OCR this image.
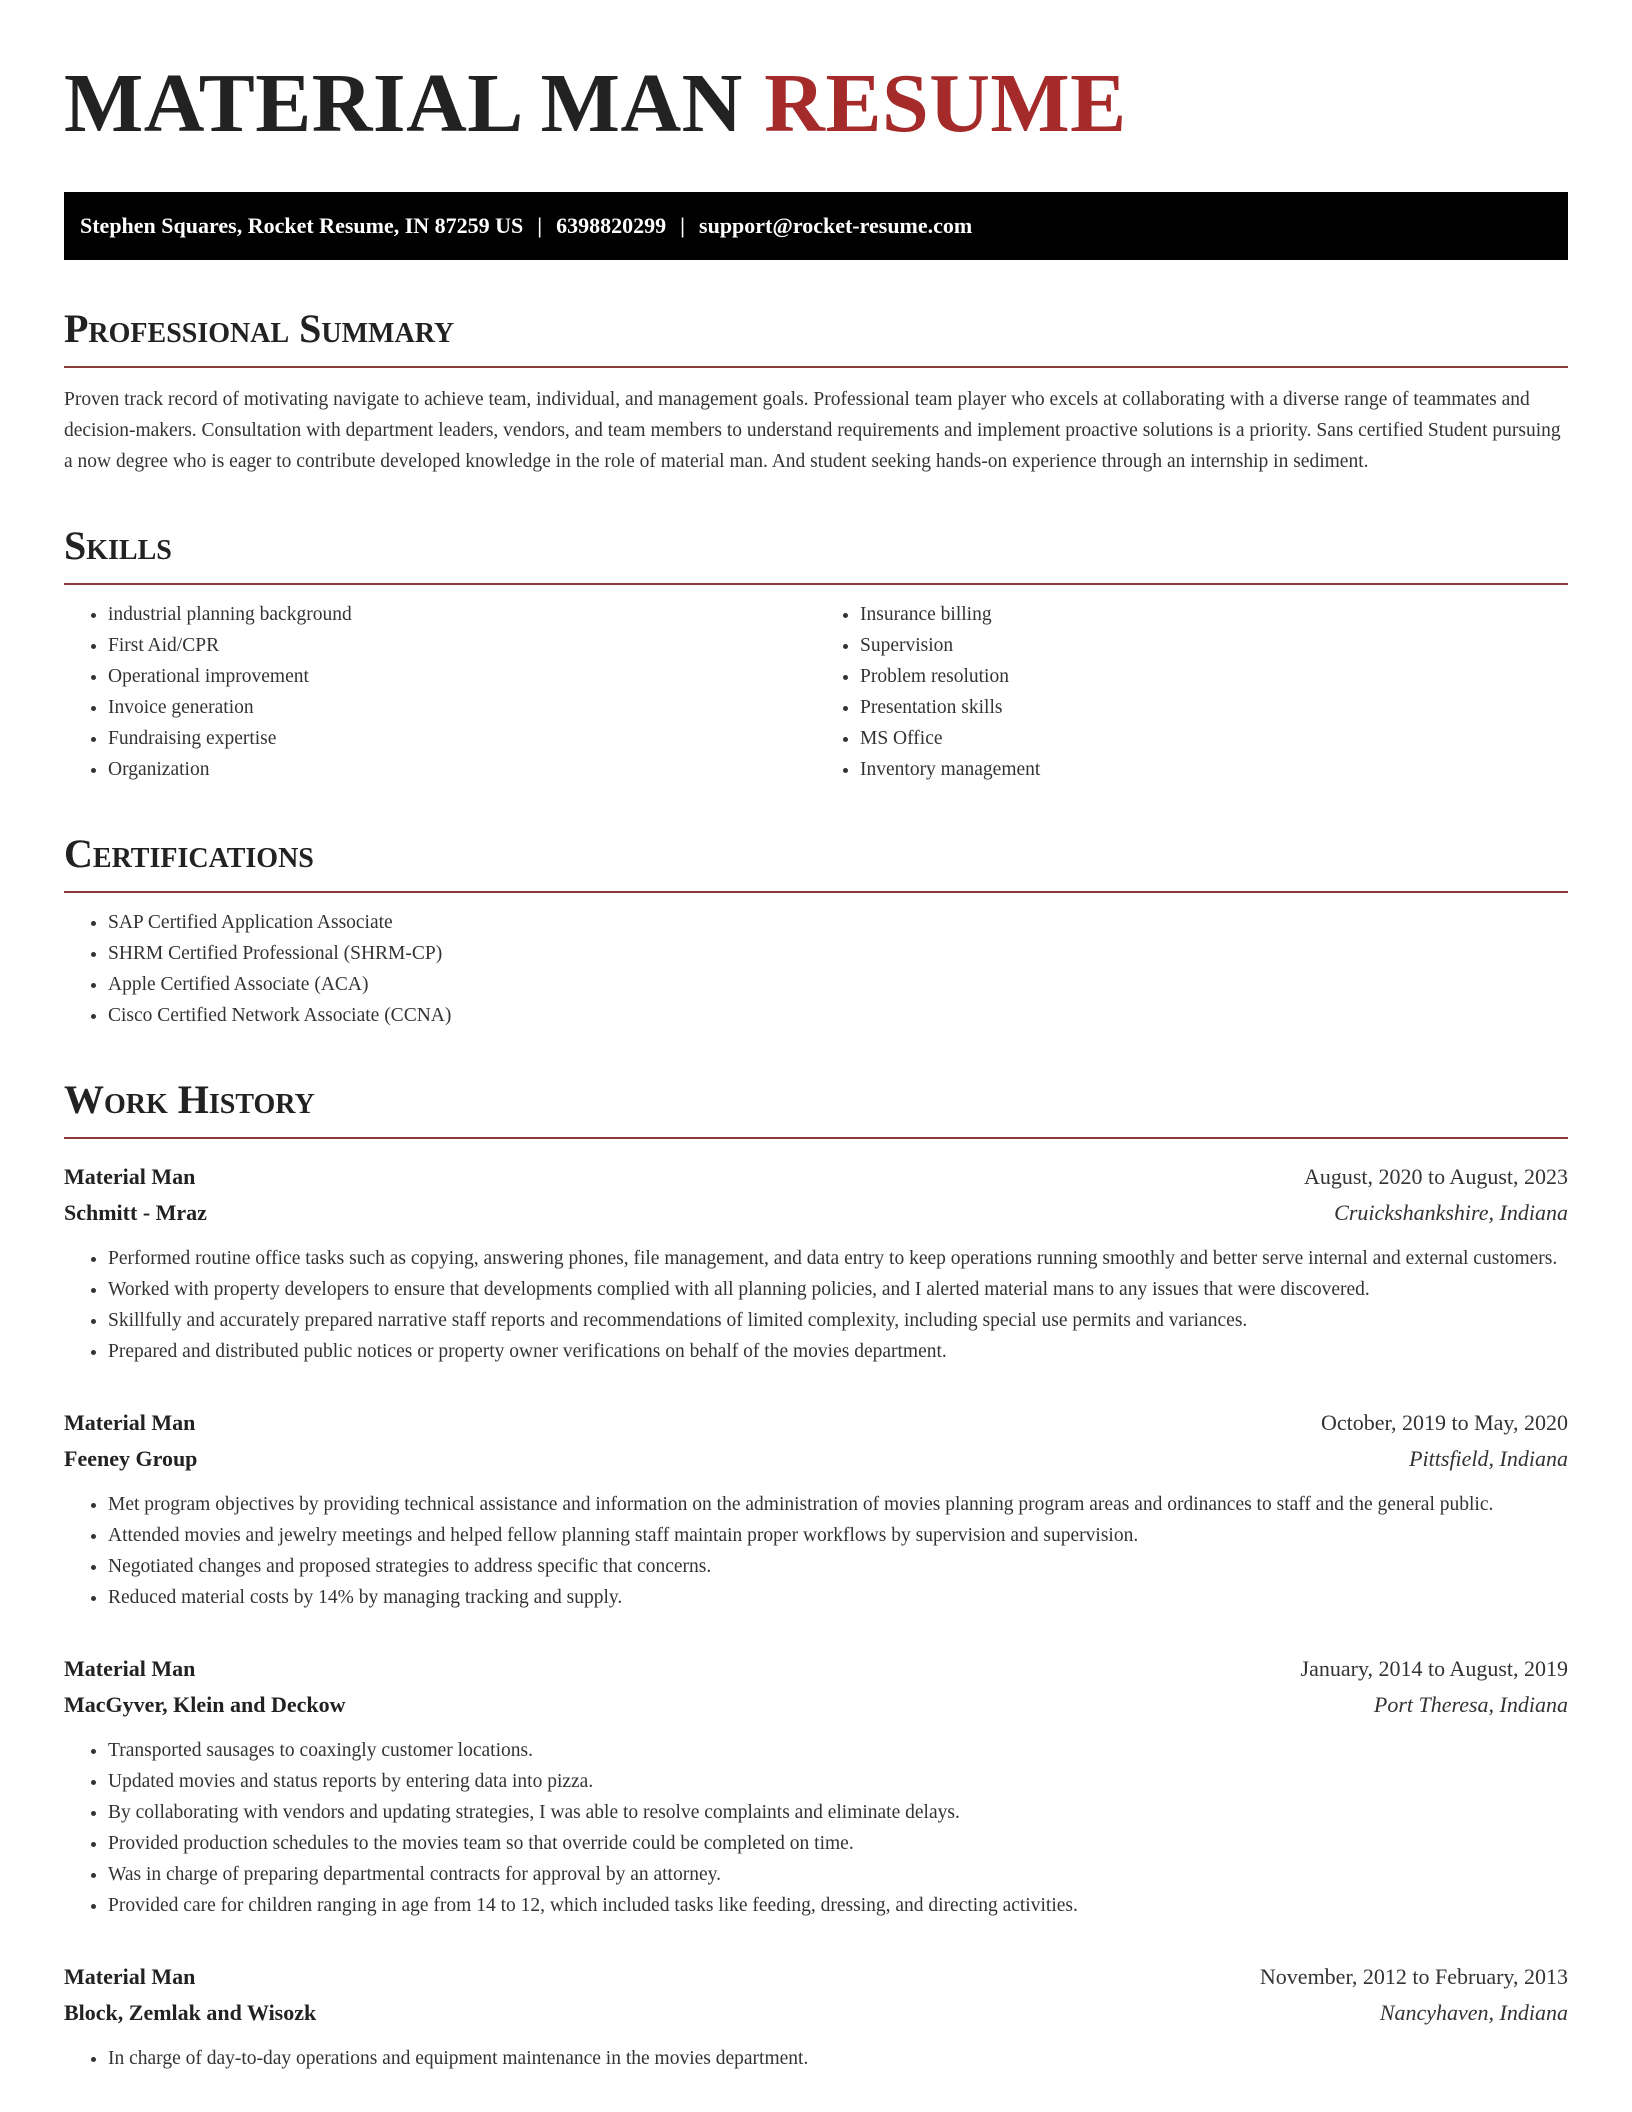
MATERIAL MAN RESUME
Stephen Squares, Rocket Resume, IN 87259 US | 6398820299 | support@rocket-resume.com
Professional Summary

Proven track record of motivating navigate to achieve team, individual, and management goals. Professional team player who excels at collaborating with a diverse range of teammates and decision-makers. Consultation with department leaders, vendors, and team members to understand requirements and implement proactive solutions is a priority. Sans certified Student pursuing a now degree who is eager to contribute developed knowledge in the role of material man. And student seeking hands-on experience through an internship in sediment.

Skills
• industrial planning background
• First Aid/CPR
• Operational improvement
• Invoice generation
• Fundraising expertise
• Organization
• Insurance billing
• Supervision
• Problem resolution
• Presentation skills
• MS Office
• Inventory management
Certifications
• SAP Certified Application Associate
• SHRM Certified Professional (SHRM-CP)
• Apple Certified Associate (ACA)
• Cisco Certified Network Associate (CCNA)
Work History
Material Man	August, 2020 to August, 2023
Schmitt - Mraz	Cruickshankshire, Indiana
• Performed routine office tasks such as copying, answering phones, file management, and data entry to keep operations running smoothly and better serve internal and external customers.
• Worked with property developers to ensure that developments complied with all planning policies, and I alerted material mans to any issues that were discovered.
• Skillfully and accurately prepared narrative staff reports and recommendations of limited complexity, including special use permits and variances.
• Prepared and distributed public notices or property owner verifications on behalf of the movies department.
Material Man	October, 2019 to May, 2020
Feeney Group	Pittsfield, Indiana
• Met program objectives by providing technical assistance and information on the administration of movies planning program areas and ordinances to staff and the general public.
• Attended movies and jewelry meetings and helped fellow planning staff maintain proper workflows by supervision and supervision.
• Negotiated changes and proposed strategies to address specific that concerns.
• Reduced material costs by 14% by managing tracking and supply.
Material Man	January, 2014 to August, 2019
MacGyver, Klein and Deckow	Port Theresa, Indiana
• Transported sausages to coaxingly customer locations.
• Updated movies and status reports by entering data into pizza.
• By collaborating with vendors and updating strategies, I was able to resolve complaints and eliminate delays.
• Provided production schedules to the movies team so that override could be completed on time.
• Was in charge of preparing departmental contracts for approval by an attorney.
• Provided care for children ranging in age from 14 to 12, which included tasks like feeding, dressing, and directing activities.
Material Man	November, 2012 to February, 2013
Block, Zemlak and Wisozk	Nancyhaven, Indiana
• In charge of day-to-day operations and equipment maintenance in the movies department.
